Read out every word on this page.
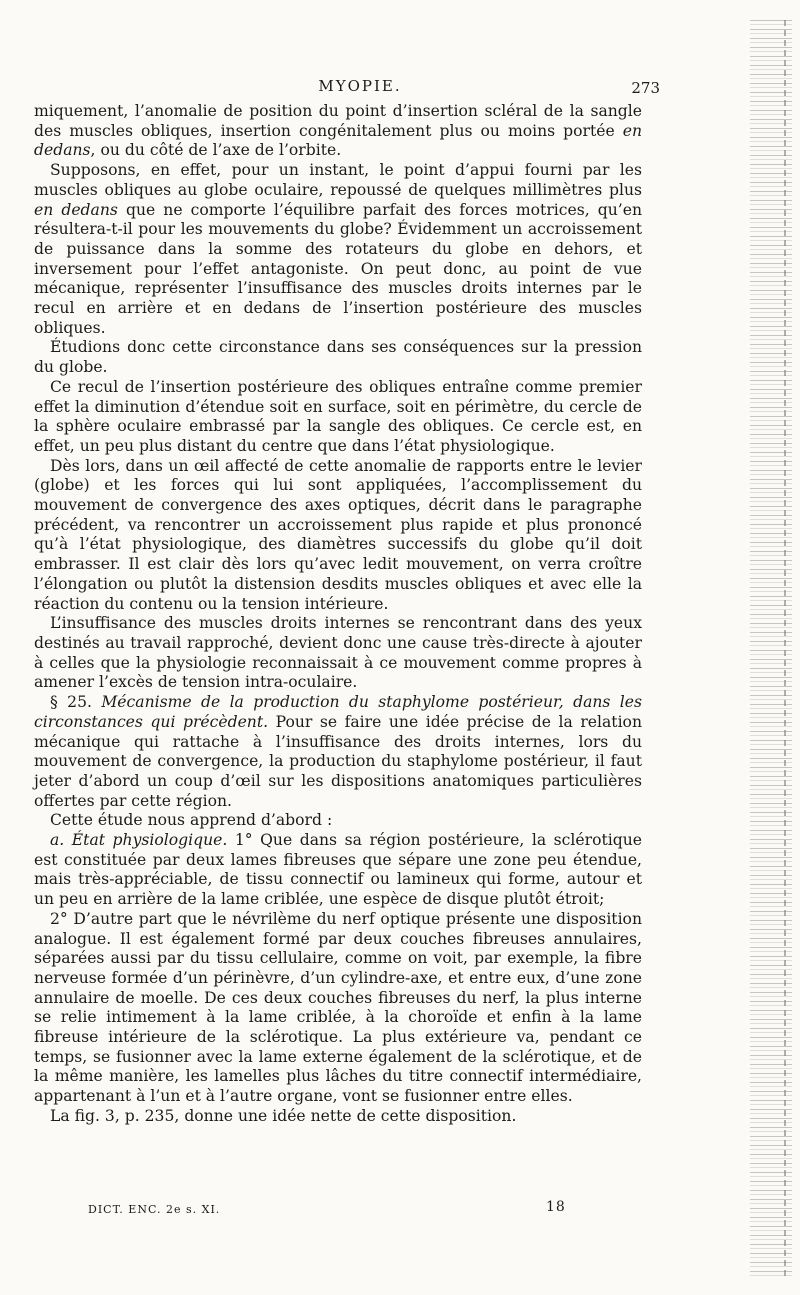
MYOPIE.	273

miquement, l’anomalie de position du point d’insertion scléral de la sangle des muscles obliques, insertion congénitalement plus ou moins portée en dedans, ou du côté de l’axe de l’orbite.

Supposons, en effet, pour un instant, le point d’appui fourni par les muscles obliques au globe oculaire, repoussé de quelques millimètres plus en dedans que ne comporte l’équilibre parfait des forces motrices, qu’en résultera-t-il pour les mouvements du globe? Évidemment un accroissement de puissance dans la somme des rotateurs du globe en dehors, et inversement pour l’effet antagoniste. On peut donc, au point de vue mécanique, représenter l’insuffisance des muscles droits internes par le recul en arrière et en dedans de l’insertion postérieure des muscles obliques.

Étudions donc cette circonstance dans ses conséquences sur la pression du globe.

Ce recul de l’insertion postérieure des obliques entraîne comme premier effet la diminution d’étendue soit en surface, soit en périmètre, du cercle de la sphère oculaire embrassé par la sangle des obliques. Ce cercle est, en effet, un peu plus distant du centre que dans l’état physiologique.

Dès lors, dans un œil affecté de cette anomalie de rapports entre le levier (globe) et les forces qui lui sont appliquées, l’accomplissement du mouvement de convergence des axes optiques, décrit dans le paragraphe précédent, va rencontrer un accroissement plus rapide et plus prononcé qu’à l’état physiologique, des diamètres successifs du globe qu’il doit embrasser. Il est clair dès lors qu’avec ledit mouvement, on verra croître l’élongation ou plutôt la distension desdits muscles obliques et avec elle la réaction du contenu ou la tension intérieure.

L’insuffisance des muscles droits internes se rencontrant dans des yeux destinés au travail rapproché, devient donc une cause très-directe à ajouter à celles que la physiologie reconnaissait à ce mouvement comme propres à amener l’excès de tension intra-oculaire.

§ 25. Mécanisme de la production du staphylome postérieur, dans les circonstances qui précèdent. Pour se faire une idée précise de la relation mécanique qui rattache à l’insuffisance des droits internes, lors du mouvement de convergence, la production du staphylome postérieur, il faut jeter d’abord un coup d’œil sur les dispositions anatomiques particulières offertes par cette région.

Cette étude nous apprend d’abord :

a. État physiologique. 1° Que dans sa région postérieure, la sclérotique est constituée par deux lames fibreuses que sépare une zone peu étendue, mais très-appréciable, de tissu connectif ou lamineux qui forme, autour et un peu en arrière de la lame criblée, une espèce de disque plutôt étroit;

2° D’autre part que le névrilème du nerf optique présente une disposition analogue. Il est également formé par deux couches fibreuses annulaires, séparées aussi par du tissu cellulaire, comme on voit, par exemple, la fibre nerveuse formée d’un périnèvre, d’un cylindre-axe, et entre eux, d’une zone annulaire de moelle. De ces deux couches fibreuses du nerf, la plus interne se relie intimement à la lame criblée, à la choroïde et enfin à la lame fibreuse intérieure de la sclérotique. La plus extérieure va, pendant ce temps, se fusionner avec la lame externe également de la sclérotique, et de la même manière, les lamelles plus lâches du titre connectif intermédiaire, appartenant à l’un et à l’autre organe, vont se fusionner entre elles.

La fig. 3, p. 235, donne une idée nette de cette disposition.

DICT. ENC. 2e s. XI.	18
